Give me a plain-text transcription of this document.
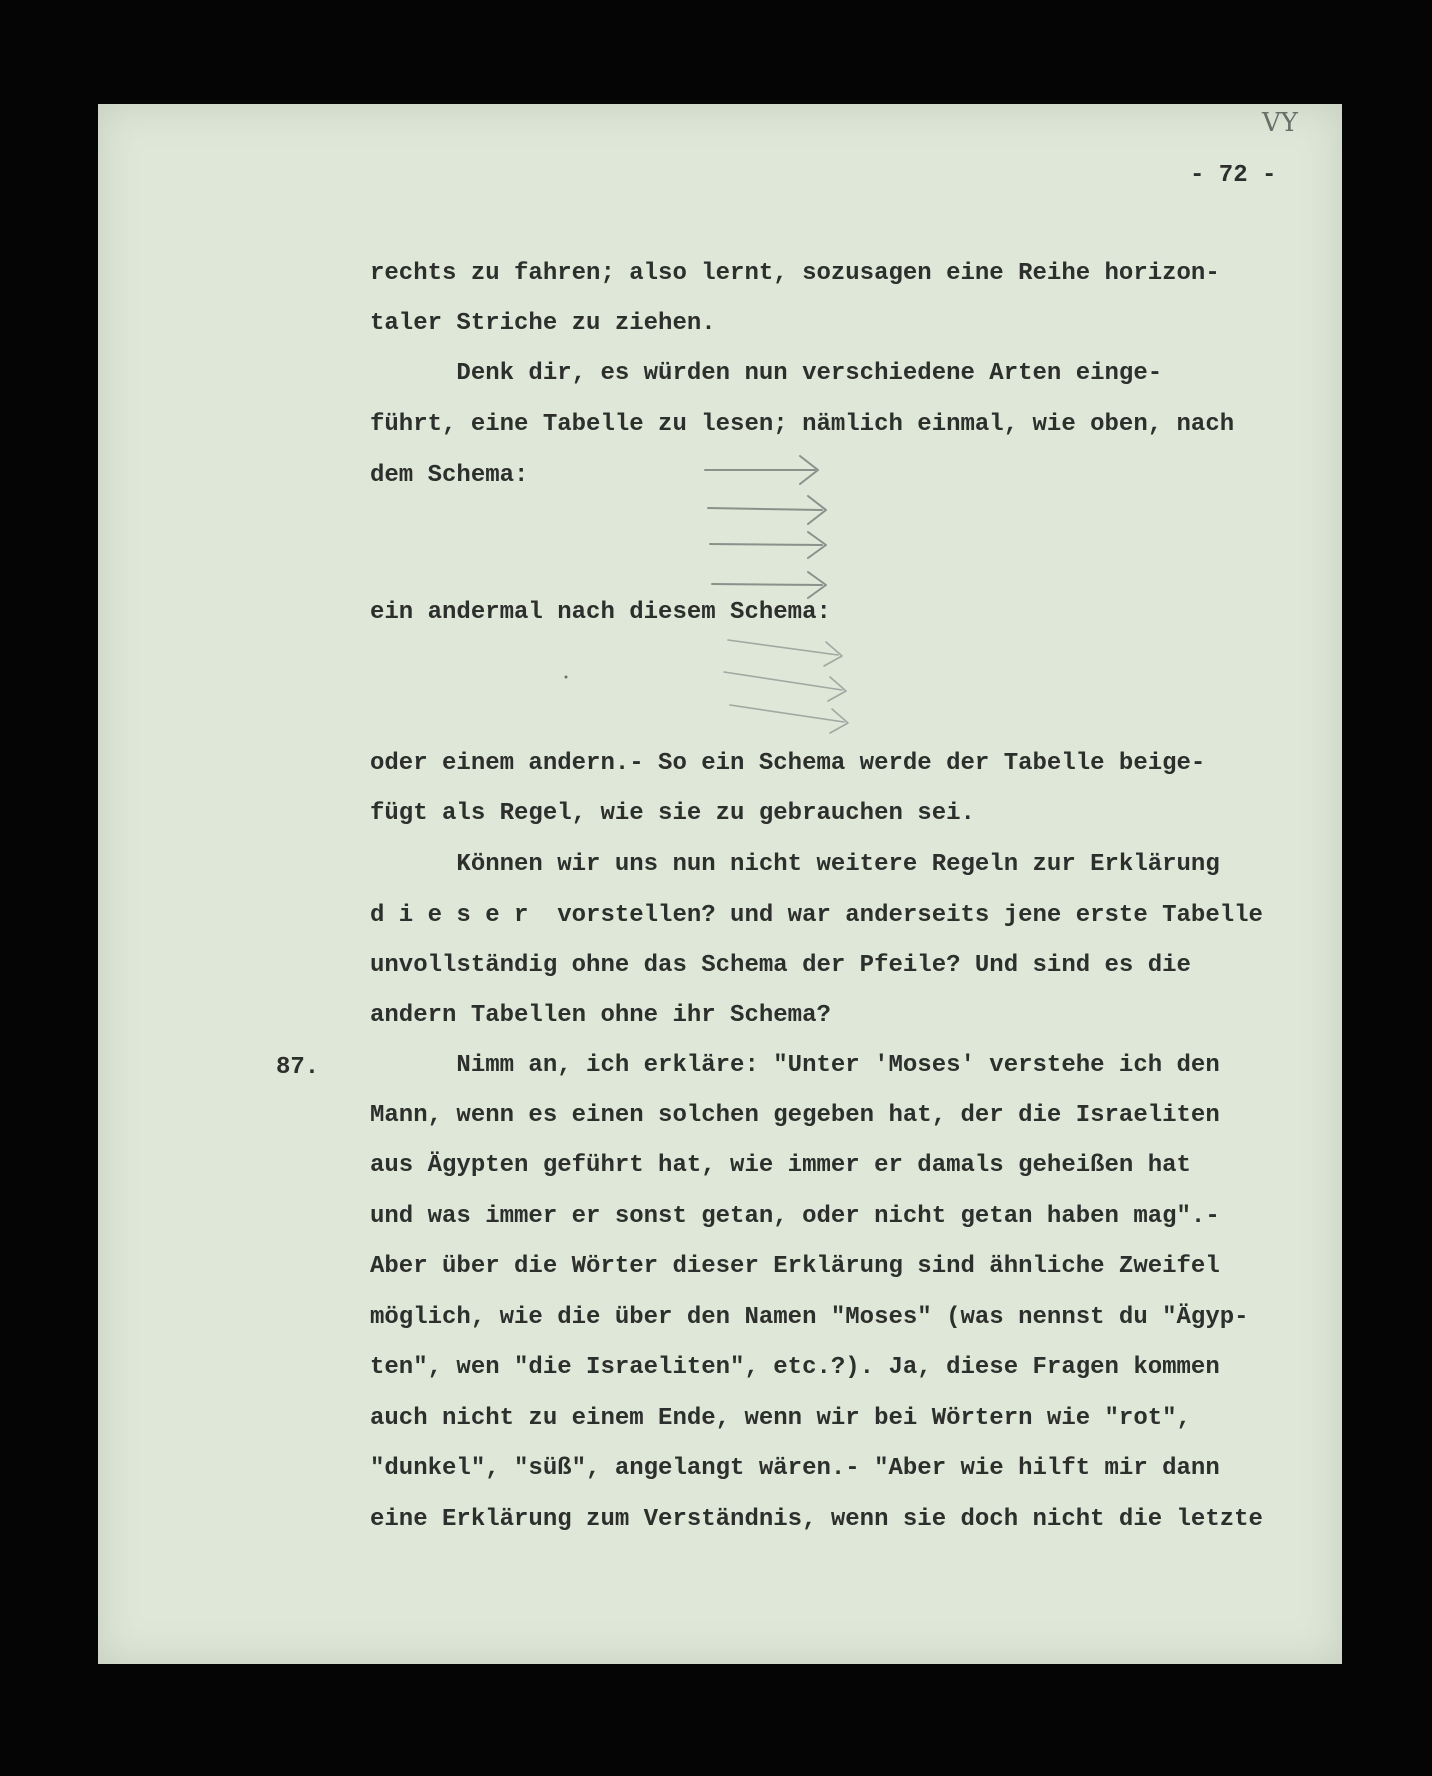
VY
- 72 -
rechts zu fahren; also lernt, sozusagen eine Reihe horizon-
taler Striche zu ziehen.
Denk dir, es würden nun verschiedene Arten einge-
führt, eine Tabelle zu lesen; nämlich einmal, wie oben, nach
dem Schema:
ein andermal nach diesem Schema:
oder einem andern.- So ein Schema werde der Tabelle beige-
fügt als Regel, wie sie zu gebrauchen sei.
Können wir uns nun nicht weitere Regeln zur Erklärung
d i e s e r  vorstellen? und war anderseits jene erste Tabelle
unvollständig ohne das Schema der Pfeile? Und sind es die
andern Tabellen ohne ihr Schema?
87. Nimm an, ich erkläre: "Unter 'Moses' verstehe ich den
Mann, wenn es einen solchen gegeben hat, der die Israeliten
aus Ägypten geführt hat, wie immer er damals geheißen hat
und was immer er sonst getan, oder nicht getan haben mag".-
Aber über die Wörter dieser Erklärung sind ähnliche Zweifel
möglich, wie die über den Namen "Moses" (was nennst du "Ägyp-
ten", wen "die Israeliten", etc.?). Ja, diese Fragen kommen
auch nicht zu einem Ende, wenn wir bei Wörtern wie "rot",
"dunkel", "süß", angelangt wären.- "Aber wie hilft mir dann
eine Erklärung zum Verständnis, wenn sie doch nicht die letzte
